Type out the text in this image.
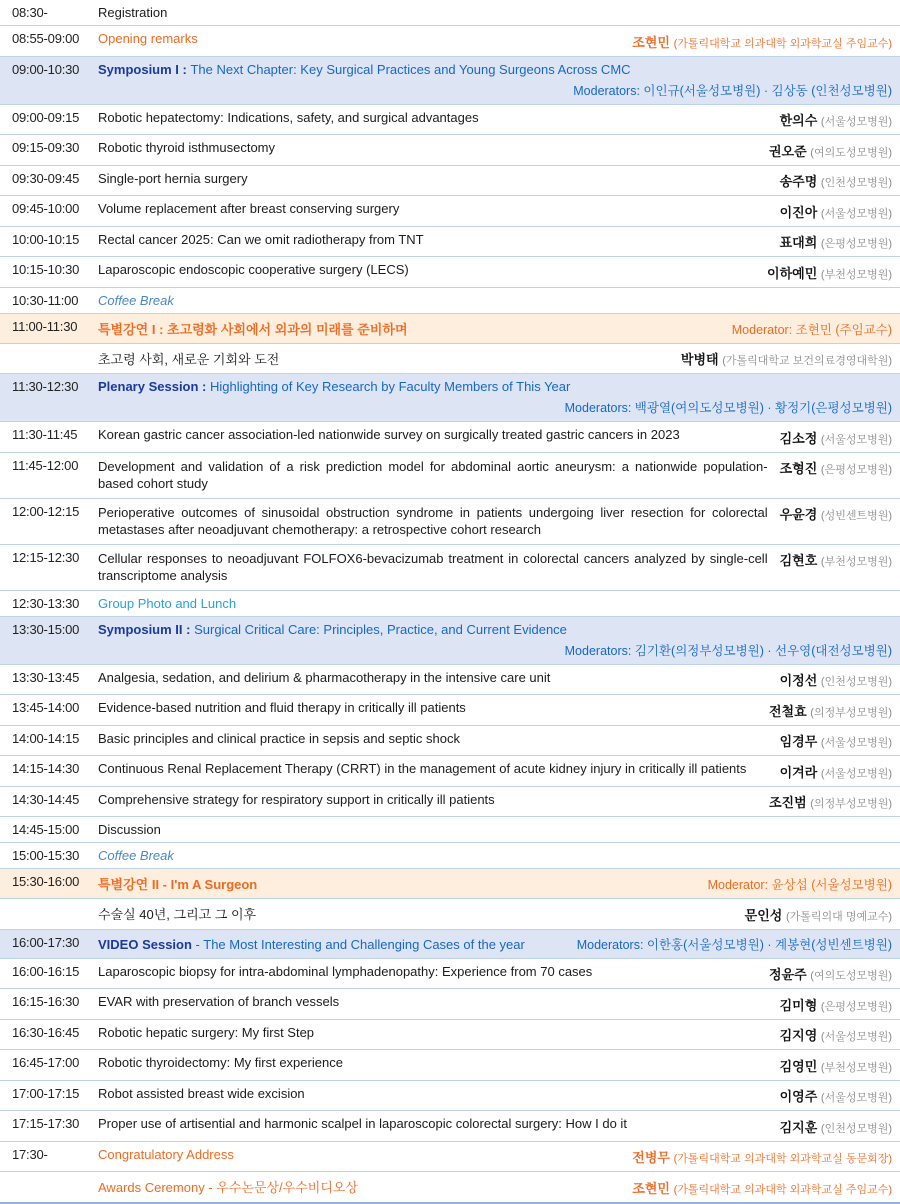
08:30-	Registration
08:55-09:00	Opening remarks	조현민 (가톨릭대학교 의과대학 외과학교실 주임교수)
09:00-10:30	Symposium I : The Next Chapter: Key Surgical Practices and Young Surgeons Across CMC
Moderators: 이인규(서울성모병원) · 김상동 (인천성모병원)
09:00-09:15	Robotic hepatectomy: Indications, safety, and surgical advantages	한의수 (서울성모병원)
09:15-09:30	Robotic thyroid isthmusectomy	권오준 (여의도성모병원)
09:30-09:45	Single-port hernia surgery	송주명 (인천성모병원)
09:45-10:00	Volume replacement after breast conserving surgery	이진아 (서울성모병원)
10:00-10:15	Rectal cancer 2025: Can we omit radiotherapy from TNT	표대희 (은평성모병원)
10:15-10:30	Laparoscopic endoscopic cooperative surgery (LECS)	이하예민 (부천성모병원)
10:30-11:00	Coffee Break
11:00-11:30	특별강연 I : 초고령화 사회에서 외과의 미래를 준비하며	Moderator: 조현민 (주임교수)
초고령 사회, 새로운 기회와 도전	박병태 (가톨릭대학교 보건의료경영대학원)
11:30-12:30	Plenary Session : Highlighting of Key Research by Faculty Members of This Year
Moderators: 백광열(여의도성모병원) · 황정기(은평성모병원)
11:30-11:45	Korean gastric cancer association-led nationwide survey on surgically treated gastric cancers in 2023	김소정 (서울성모병원)
11:45-12:00	Development and validation of a risk prediction model for abdominal aortic aneurysm: a nationwide population-based cohort study
조형진 (은평성모병원)
12:00-12:15	Perioperative outcomes of sinusoidal obstruction syndrome in patients undergoing liver resection for colorectal metastases after neoadjuvant chemotherapy: a retrospective cohort research
우윤경 (성빈센트병원)
12:15-12:30	Cellular responses to neoadjuvant FOLFOX6-bevacizumab treatment in colorectal cancers analyzed by single-cell transcriptome analysis
김현호 (부천성모병원)
12:30-13:30	Group Photo and Lunch
13:30-15:00	Symposium II : Surgical Critical Care: Principles, Practice, and Current Evidence
Moderators: 김기환(의정부성모병원) · 선우영(대전성모병원)
13:30-13:45	Analgesia, sedation, and delirium & pharmacotherapy in the intensive care unit	이정선 (인천성모병원)
13:45-14:00	Evidence-based nutrition and fluid therapy in critically ill patients	전철효 (의정부성모병원)
14:00-14:15	Basic principles and clinical practice in sepsis and septic shock	임경무 (서울성모병원)
14:15-14:30	Continuous Renal Replacement Therapy (CRRT) in the management of acute kidney injury in critically ill patients	이겨라 (서울성모병원)
14:30-14:45	Comprehensive strategy for respiratory support in critically ill patients	조진범 (의정부성모병원)
14:45-15:00	Discussion
15:00-15:30	Coffee Break
15:30-16:00	특별강연 II - I'm A Surgeon	Moderator: 윤상섭 (서울성모병원)
수술실 40년, 그리고 그 이후	문인성 (가톨릭의대 명예교수)
16:00-17:30	VIDEO Session - The Most Interesting and Challenging Cases of the year	Moderators: 이한홍(서울성모병원) · 계봉현(성빈센트병원)
16:00-16:15	Laparoscopic biopsy for intra-abdominal lymphadenopathy: Experience from 70 cases	정윤주 (여의도성모병원)
16:15-16:30	EVAR with preservation of branch vessels	김미형 (은평성모병원)
16:30-16:45	Robotic hepatic surgery: My first Step	김지영 (서울성모병원)
16:45-17:00	Robotic thyroidectomy: My first experience	김영민 (부천성모병원)
17:00-17:15	Robot assisted breast wide excision	이영주 (서울성모병원)
17:15-17:30	Proper use of artisential and harmonic scalpel in laparoscopic colorectal surgery: How I do it	김지훈 (인천성모병원)
17:30-	Congratulatory Address	전병무 (가톨릭대학교 의과대학 외과학교실 동문회장)
Awards Ceremony - 우수논문상/우수비디오상	조현민 (가톨릭대학교 의과대학 외과학교실 주임교수)
